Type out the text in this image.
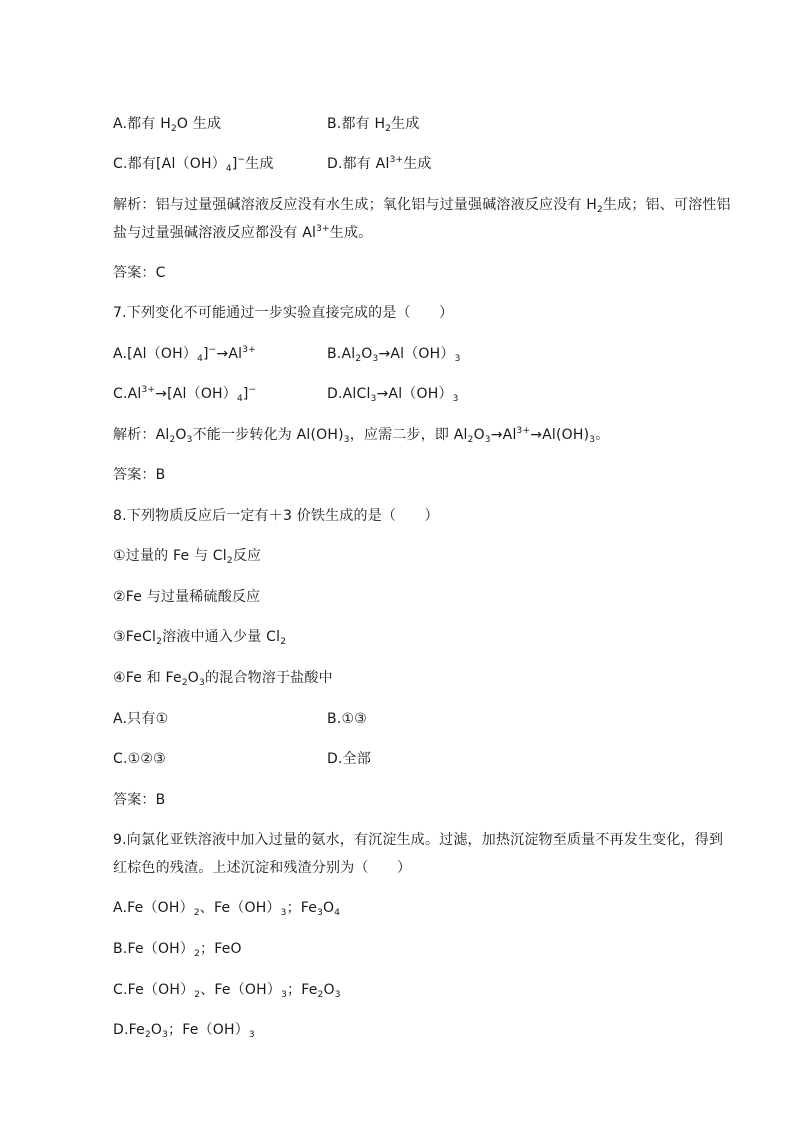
A.都有 $H_2O$ 生成	B.都有 $H_2$生成
C.都有$[Al(OH)_4]^-$生成	D.都有 $Al^{3+}$生成
解析：铝与过量强碱溶液反应没有水生成；氧化铝与过量强碱溶液反应没有 $H_2$生成；铝、可溶性铝
盐与过量强碱溶液反应都没有 $Al^{3+}$生成。
答案：C
7.下列变化不可能通过一步实验直接完成的是（　　）
$A.[Al(OH)_4]^-\to Al^{3+}$	$B.Al_2O_3\to Al(OH)_3$
$C.Al^{3+}\to[Al(OH)_4]^-$	$D.AlCl_3\to Al(OH)_3$
解析：$Al_2O_3$不能一步转化为 $Al(OH)_3$，应需二步，即 $Al_2O_3\to Al^{3+}\to Al(OH)_3$。
答案：B
8.下列物质反应后一定有＋3 价铁生成的是（　　）
①过量的 Fe 与 $Cl_2$反应
②Fe 与过量稀硫酸反应
③FeCl$_2$溶液中通入少量 $Cl_2$
④Fe 和 $Fe_2O_3$的混合物溶于盐酸中
A.只有①	B.①③
C.①②③	D.全部
答案：B
9.向氯化亚铁溶液中加入过量的氨水，有沉淀生成。过滤，加热沉淀物至质量不再发生变化，得到
红棕色的残渣。上述沉淀和残渣分别为（　　）
$A.Fe(OH)_2$、$Fe(OH)_3$；$Fe_3O_4$
$B.Fe(OH)_2$；FeO
$C.Fe(OH)_2$、$Fe(OH)_3$；$Fe_2O_3$
$D.Fe_2O_3$；$Fe(OH)_3$
